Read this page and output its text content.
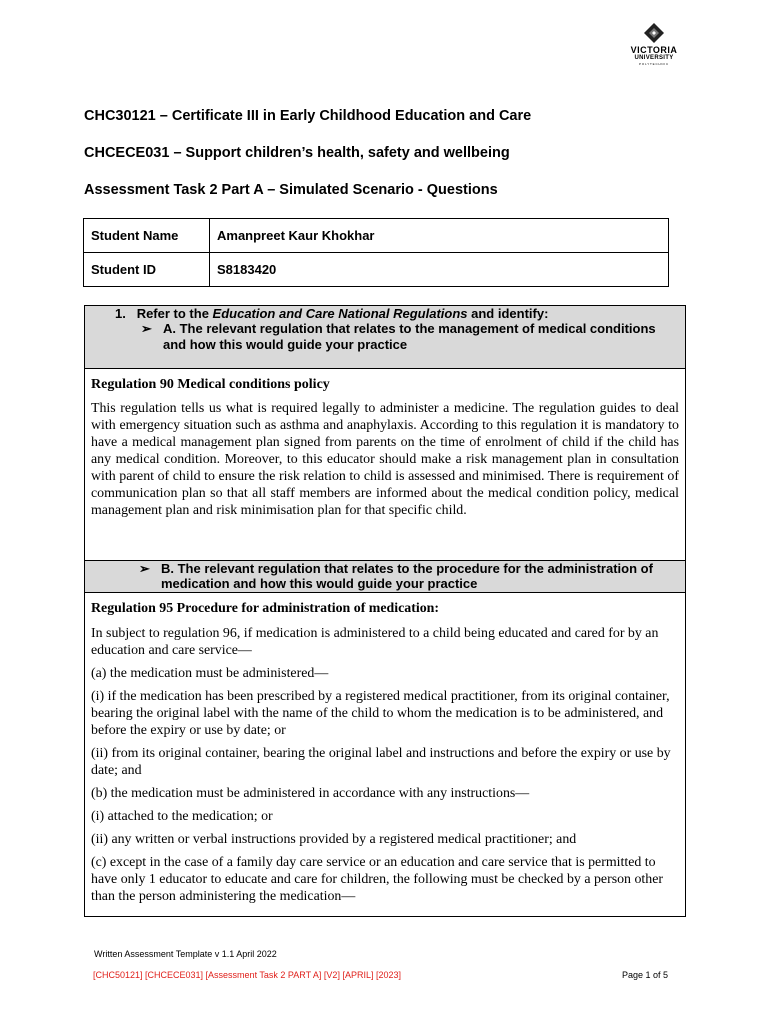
VICTORIA
UNIVERSITY
POLYTECHNIC
CHC30121 – Certificate III in Early Childhood Education and Care
CHCECE031 – Support children’s health, safety and wellbeing
Assessment Task 2 Part A – Simulated Scenario - Questions
Student Name	Amanpreet Kaur Khokhar
Student ID	S8183420
1. Refer to the Education and Care National Regulations and identify:
➢ A. The relevant regulation that relates to the management of medical conditions and how this would guide your practice

Regulation 90 Medical conditions policy

This regulation tells us what is required legally to administer a medicine. The regulation guides to deal with emergency situation such as asthma and anaphylaxis. According to this regulation it is mandatory to have a medical management plan signed from parents on the time of enrolment of child if the child has any medical condition. Moreover, to this educator should make a risk management plan in consultation with parent of child to ensure the risk relation to child is assessed and minimised. There is requirement of communication plan so that all staff members are informed about the medical condition policy, medical management plan and risk minimisation plan for that specific child.

➢ B. The relevant regulation that relates to the procedure for the administration of medication and how this would guide your practice

Regulation 95 Procedure for administration of medication:

In subject to regulation 96, if medication is administered to a child being educated and cared for by an education and care service—

(a) the medication must be administered—

(i) if the medication has been prescribed by a registered medical practitioner, from its original container, bearing the original label with the name of the child to whom the medication is to be administered, and before the expiry or use by date; or

(ii) from its original container, bearing the original label and instructions and before the expiry or use by date; and

(b) the medication must be administered in accordance with any instructions—

(i) attached to the medication; or

(ii) any written or verbal instructions provided by a registered medical practitioner; and

(c) except in the case of a family day care service or an education and care service that is permitted to have only 1 educator to educate and care for children, the following must be checked by a person other than the person administering the medication—

Written Assessment Template v 1.1 April 2022
[CHC50121] [CHCECE031] [Assessment Task 2 PART A] [V2] [APRIL] [2023]	Page 1 of 5
